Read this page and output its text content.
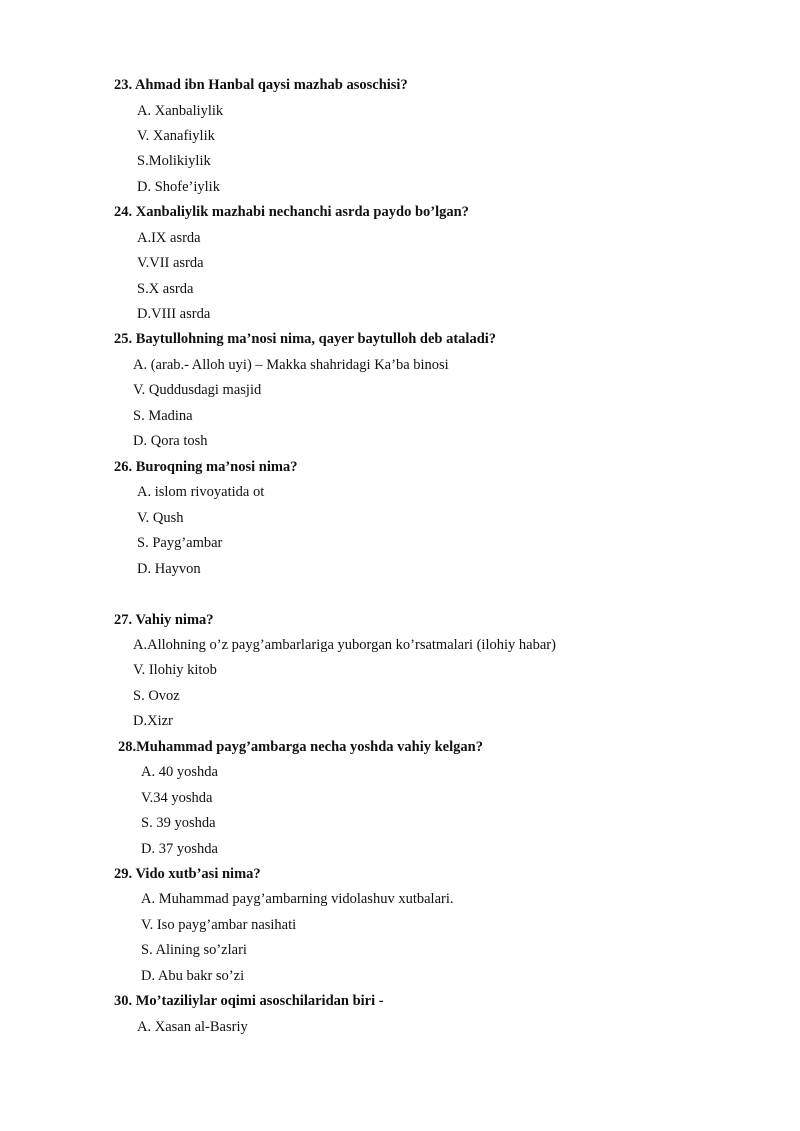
23. Ahmad ibn Hanbal qaysi mazhab asoschisi?
A. Xanbaliylik
V. Xanafiylik
S.Molikiylik
D. Shofe’iylik
24. Xanbaliylik mazhabi nechanchi asrda paydo bo’lgan?
A.IX asrda
V.VII asrda
S.X asrda
D.VIII asrda
25. Baytullohning ma’nosi nima, qayer baytulloh deb ataladi?
A. (arab.- Alloh uyi) – Makka shahridagi Ka’ba binosi
V. Quddusdagi masjid
S. Madina
D. Qora tosh
26. Buroqning ma’nosi nima?
A. islom rivoyatida ot
V. Qush
S. Payg’ambar
D. Hayvon
27. Vahiy nima?
A.Allohning o’z payg’ambarlariga yuborgan ko’rsatmalari (ilohiy habar)
V. Ilohiy kitob
S. Ovoz
D.Xizr
28.Muhammad payg’ambarga necha yoshda vahiy kelgan?
A. 40 yoshda
V.34 yoshda
S. 39 yoshda
D. 37 yoshda
29. Vido xutb’asi nima?
A. Muhammad payg’ambarning vidolashuv xutbalari.
V. Iso payg’ambar nasihati
S. Alining so’zlari
D. Abu bakr so’zi
30. Mo’taziliylar oqimi asoschilaridan biri -
A. Xasan al-Basriy
